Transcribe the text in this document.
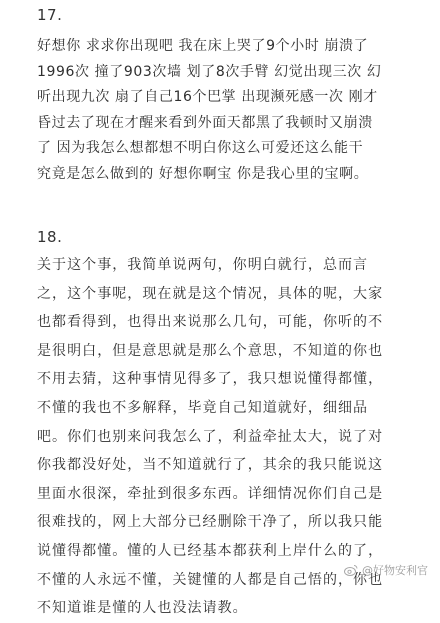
17.
好想你 求求你出现吧 我在床上哭了9个小时 崩溃了
1996次 撞了903次墙 划了8次手臂 幻觉出现三次 幻
听出现九次 扇了自己16个巴掌 出现濒死感一次 刚才
昏过去了现在才醒来看到外面天都黑了我顿时又崩溃
了 因为我怎么想都想不明白你这么可爱还这么能干
究竟是怎么做到的 好想你啊宝 你是我心里的宝啊。
18.
关于这个事，我简单说两句，你明白就行，总而言
之，这个事呢，现在就是这个情况，具体的呢，大家
也都看得到，也得出来说那么几句，可能，你听的不
是很明白，但是意思就是那么个意思，不知道的你也
不用去猜，这种事情见得多了，我只想说懂得都懂，
不懂的我也不多解释，毕竟自己知道就好，细细品
吧。你们也别来问我怎么了，利益牵扯太大，说了对
你我都没好处，当不知道就行了，其余的我只能说这
里面水很深，牵扯到很多东西。详细情况你们自己是
很难找的，网上大部分已经删除干净了，所以我只能
说懂得都懂。懂的人已经基本都获利上岸什么的了，
不懂的人永远不懂，关键懂的人都是自己悟的，你也
不知道谁是懂的人也没法请教。
@好物安利官
